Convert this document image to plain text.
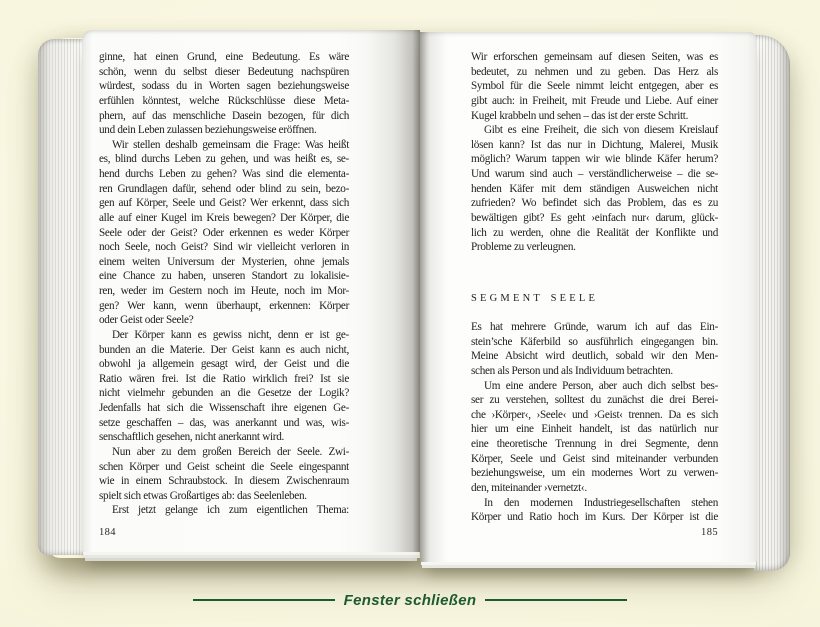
ginne, hat einen Grund, eine Bedeutung. Es wäre
schön, wenn du selbst dieser Bedeutung nachspüren
würdest, sodass du in Worten sagen beziehungsweise
erfühlen könntest, welche Rückschlüsse diese Meta-
phern, auf das menschliche Dasein bezogen, für dich
und dein Leben zulassen beziehungsweise eröffnen.
Wir stellen deshalb gemeinsam die Frage: Was heißt
es, blind durchs Leben zu gehen, und was heißt es, se-
hend durchs Leben zu gehen? Was sind die elementa-
ren Grundlagen dafür, sehend oder blind zu sein, bezo-
gen auf Körper, Seele und Geist? Wer erkennt, dass sich
alle auf einer Kugel im Kreis bewegen? Der Körper, die
Seele oder der Geist? Oder erkennen es weder Körper
noch Seele, noch Geist? Sind wir vielleicht verloren in
einem weiten Universum der Mysterien, ohne jemals
eine Chance zu haben, unseren Standort zu lokalisie-
ren, weder im Gestern noch im Heute, noch im Mor-
gen? Wer kann, wenn überhaupt, erkennen: Körper
oder Geist oder Seele?
Der Körper kann es gewiss nicht, denn er ist ge-
bunden an die Materie. Der Geist kann es auch nicht,
obwohl ja allgemein gesagt wird, der Geist und die
Ratio wären frei. Ist die Ratio wirklich frei? Ist sie
nicht vielmehr gebunden an die Gesetze der Logik?
Jedenfalls hat sich die Wissenschaft ihre eigenen Ge-
setze geschaffen – das, was anerkannt und was, wis-
senschaftlich gesehen, nicht anerkannt wird.
Nun aber zu dem großen Bereich der Seele. Zwi-
schen Körper und Geist scheint die Seele eingespannt
wie in einem Schraubstock. In diesem Zwischenraum
spielt sich etwas Großartiges ab: das Seelenleben.
Erst jetzt gelange ich zum eigentlichen Thema:
184
Wir erforschen gemeinsam auf diesen Seiten, was es
bedeutet, zu nehmen und zu geben. Das Herz als
Symbol für die Seele nimmt leicht entgegen, aber es
gibt auch: in Freiheit, mit Freude und Liebe. Auf einer
Kugel krabbeln und sehen – das ist der erste Schritt.
Gibt es eine Freiheit, die sich von diesem Kreislauf
lösen kann? Ist das nur in Dichtung, Malerei, Musik
möglich? Warum tappen wir wie blinde Käfer herum?
Und warum sind auch – verständlicherweise – die se-
henden Käfer mit dem ständigen Ausweichen nicht
zufrieden? Wo befindet sich das Problem, das es zu
bewältigen gibt? Es geht ›einfach nur‹ darum, glück-
lich zu werden, ohne die Realität der Konflikte und
Probleme zu verleugnen.
SEGMENT SEELE
Es hat mehrere Gründe, warum ich auf das Ein-
stein’sche Käferbild so ausführlich eingegangen bin.
Meine Absicht wird deutlich, sobald wir den Men-
schen als Person und als Individuum betrachten.
Um eine andere Person, aber auch dich selbst bes-
ser zu verstehen, solltest du zunächst die drei Berei-
che ›Körper‹, ›Seele‹ und ›Geist‹ trennen. Da es sich
hier um eine Einheit handelt, ist das natürlich nur
eine theoretische Trennung in drei Segmente, denn
Körper, Seele und Geist sind miteinander verbunden
beziehungsweise, um ein modernes Wort zu verwen-
den, miteinander ›vernetzt‹.
In den modernen Industriegesellschaften stehen
Körper und Ratio hoch im Kurs. Der Körper ist die
185
Fenster schließen
